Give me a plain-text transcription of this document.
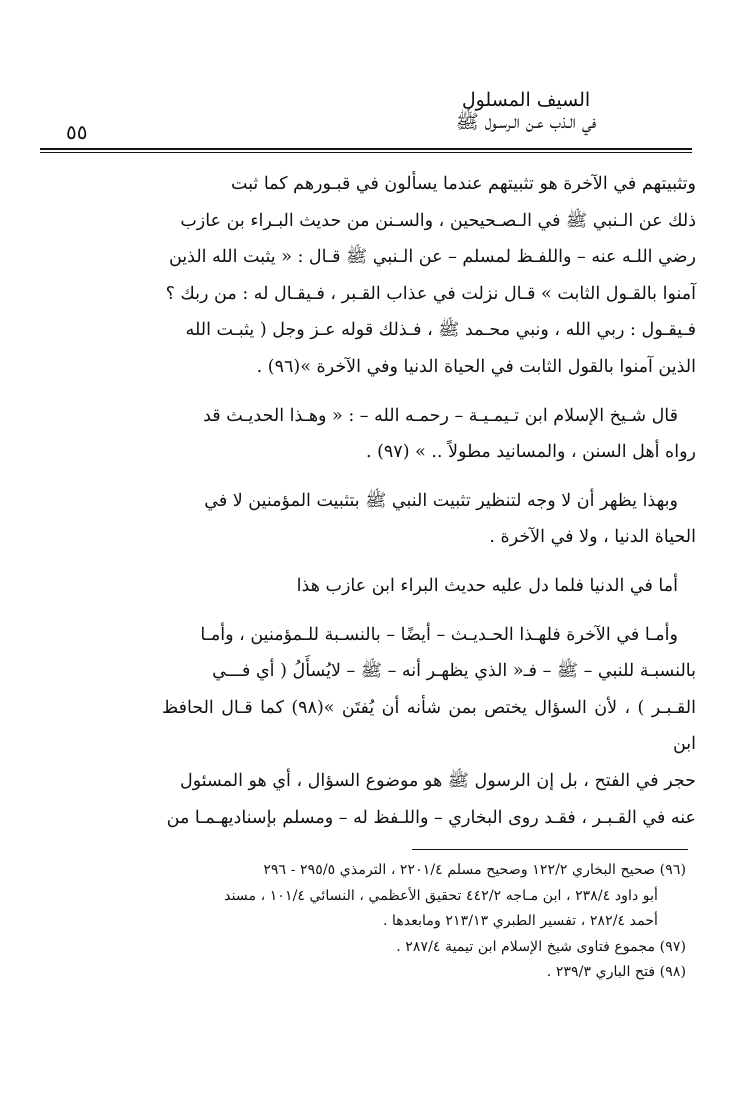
السيف المسلول
في الـذب عـن الـرسـول ﷺ
٥٥

وتثبيتهم في الآخرة هو تثبيتهم عندما يسألون في قبـورهم كما ثبت

ذلك عن الـنبي ﷺ في الـصـحيحين ، والسـنن من حديث البـراء بن عازب

رضي اللـه عنه – واللفـظ لمسلم – عن الـنبي ﷺ قـال : « يثبت الله الذين

آمنوا بالقـول الثابت » قـال نزلت في عذاب القـبر ، فـيقـال له : من ربك ؟

فـيقـول : ربي الله ، ونبي محـمد ﷺ ، فـذلك قوله عـز وجل ( يثبـت الله

الذين آمنوا بالقول الثابت في الحياة الدنيا وفي الآخرة »(٩٦) .

قال شـيخ الإسلام ابن تـيمـيـة – رحمـه الله – : « وهـذا الحديـث قد

رواه أهل السنن ، والمسانيد مطولاً .. » (٩٧) .

وبهذا يظهر أن لا وجه لتنظير تثبيت النبي ﷺ بتثبيت المؤمنين لا في

الحياة الدنيا ، ولا في الآخرة .

أما في الدنيا فلما دل عليه حديث البراء ابن عازب هذا

وأمـا في الآخرة فلهـذا الحـديـث – أيضًا – بالنسـبة للـمؤمنين ، وأمـا

بالنسبـة للنبي – ﷺ – فـ« الذي يظهـر أنه – ﷺ – لايُسأَلُ ( أي فـــي

القـبـر ) ، لأن السؤال يختص بمن شأنه أن يُفتَن »(٩٨) كما قـال الحافظ ابن

حجر في الفتح ، بل إن الرسول ﷺ هو موضوع السؤال ، أي هو المسئول

عنه في القـبـر ، فقـد روى البخاري – واللـفظ له – ومسلم بإسناديهـمـا من

(٩٦) صحيح البخاري ١٢٢/٢ وصحيح مسلم ٢٢٠١/٤ ، الترمذي ٢٩٥/٥ - ٢٩٦

أبو داود ٢٣٨/٤ ، ابن مـاجه ٤٤٢/٢ تحقيق الأعظمي ، النسائي ١٠١/٤ ، مسند

أحمد ٢٨٢/٤ ، تفسير الطبري ٢١٣/١٣ ومابعدها .

(٩٧) مجموع فتاوى شيخ الإسلام ابن تيمية ٢٨٧/٤ .

(٩٨) فتح الباري ٢٣٩/٣ .
